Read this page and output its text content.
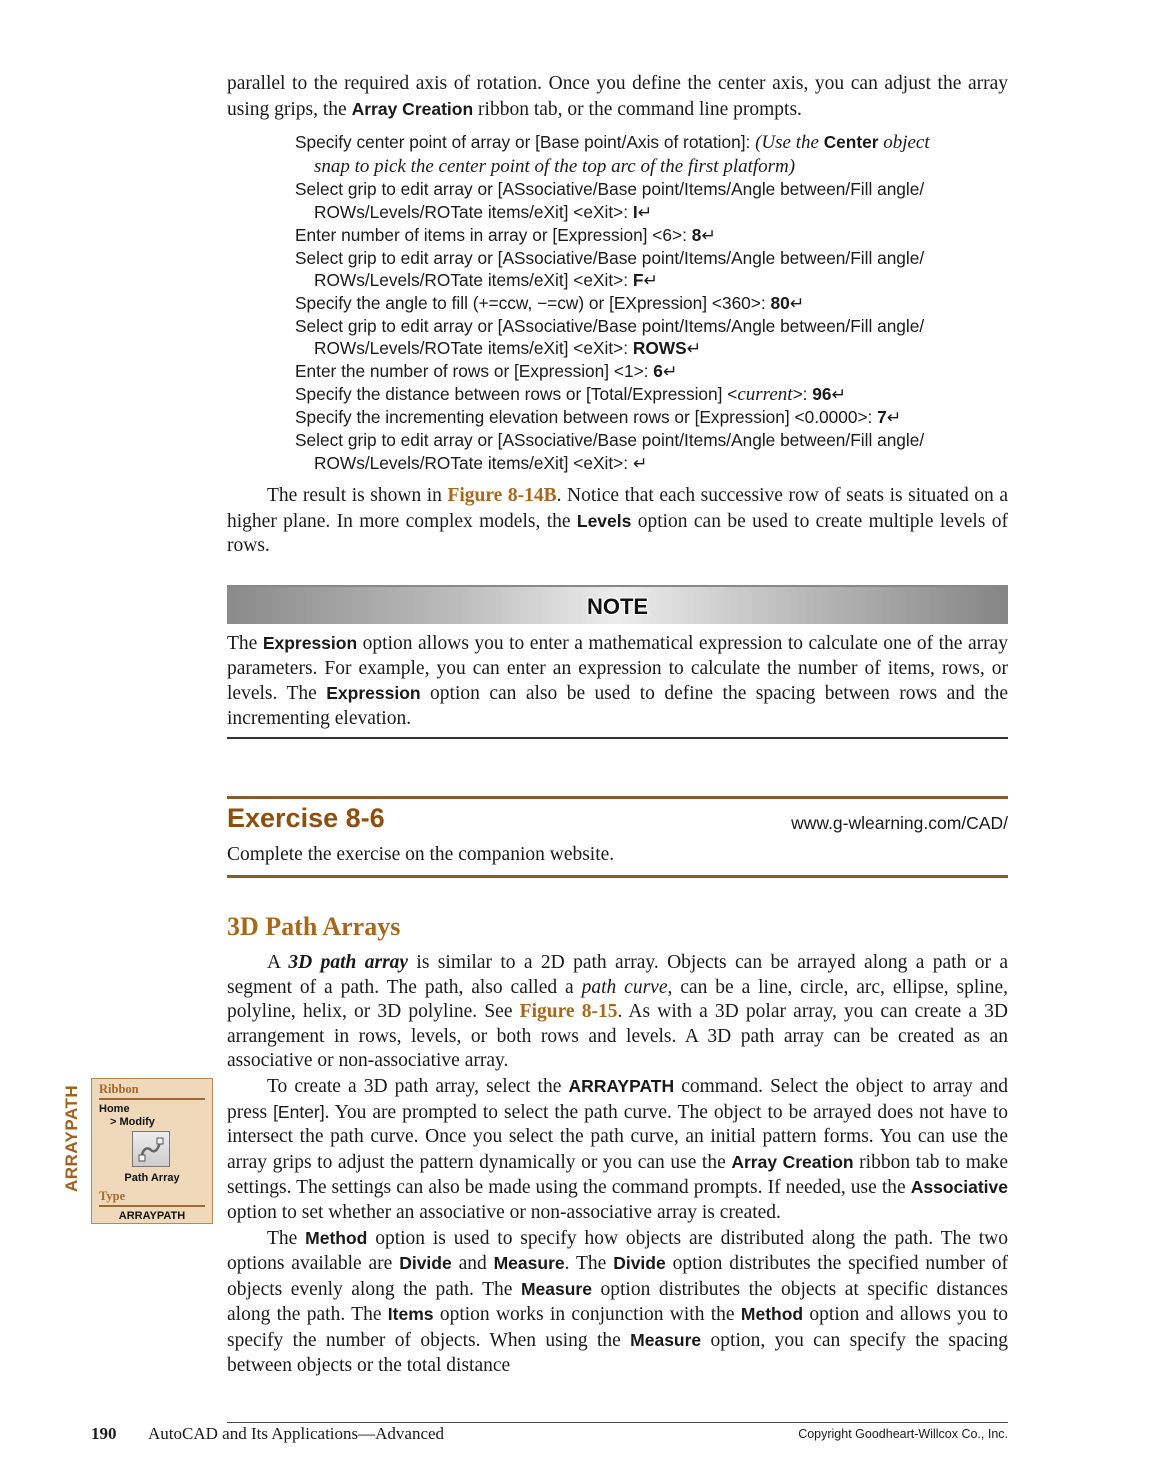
parallel to the required axis of rotation. Once you define the center axis, you can adjust the array using grips, the Array Creation ribbon tab, or the command line prompts.

Specify center point of array or [Base point/Axis of rotation]: (Use the Center object
snap to pick the center point of the top arc of the first platform)
Select grip to edit array or [ASsociative/Base point/Items/Angle between/Fill angle/
ROWs/Levels/ROTate items/eXit] <eXit>: I↵
Enter number of items in array or [Expression] <6>: 8↵
Select grip to edit array or [ASsociative/Base point/Items/Angle between/Fill angle/
ROWs/Levels/ROTate items/eXit] <eXit>: F↵
Specify the angle to fill (+=ccw, −=cw) or [EXpression] <360>: 80↵
Select grip to edit array or [ASsociative/Base point/Items/Angle between/Fill angle/
ROWs/Levels/ROTate items/eXit] <eXit>: ROWS↵
Enter the number of rows or [Expression] <1>: 6↵
Specify the distance between rows or [Total/Expression] <current>: 96↵
Specify the incrementing elevation between rows or [Expression] <0.0000>: 7↵
Select grip to edit array or [ASsociative/Base point/Items/Angle between/Fill angle/
ROWs/Levels/ROTate items/eXit] <eXit>: ↵

The result is shown in Figure 8-14B. Notice that each successive row of seats is situated on a higher plane. In more complex models, the Levels option can be used to create multiple levels of rows.

NOTE

The Expression option allows you to enter a mathematical expression to calculate one of the array parameters. For example, you can enter an expression to calculate the number of items, rows, or levels. The Expression option can also be used to define the spacing between rows and the incrementing elevation.

Exercise 8-6	www.g-wlearning.com/CAD/

Complete the exercise on the companion website.

3D Path Arrays

A 3D path array is similar to a 2D path array. Objects can be arrayed along a path or a segment of a path. The path, also called a path curve, can be a line, circle, arc, ellipse, spline, polyline, helix, or 3D polyline. See Figure 8-15. As with a 3D polar array, you can create a 3D arrangement in rows, levels, or both rows and levels. A 3D path array can be created as an associative or non-associative array.

To create a 3D path array, select the ARRAYPATH command. Select the object to array and press [Enter]. You are prompted to select the path curve. The object to be arrayed does not have to intersect the path curve. Once you select the path curve, an initial pattern forms. You can use the array grips to adjust the pattern dynamically or you can use the Array Creation ribbon tab to make settings. The settings can also be made using the command prompts. If needed, use the Associative option to set whether an associative or non-associative array is created.

The Method option is used to specify how objects are distributed along the path. The two options available are Divide and Measure. The Divide option distributes the specified number of objects evenly along the path. The Measure option distributes the objects at specific distances along the path. The Items option works in conjunction with the Method option and allows you to specify the number of objects. When using the Measure option, you can specify the spacing between objects or the total distance

ARRAYPATH Ribbon
Home
> Modify
Path Array
Type
ARRAYPATH
190 AutoCAD and Its Applications—Advanced	Copyright Goodheart-Willcox Co., Inc.
